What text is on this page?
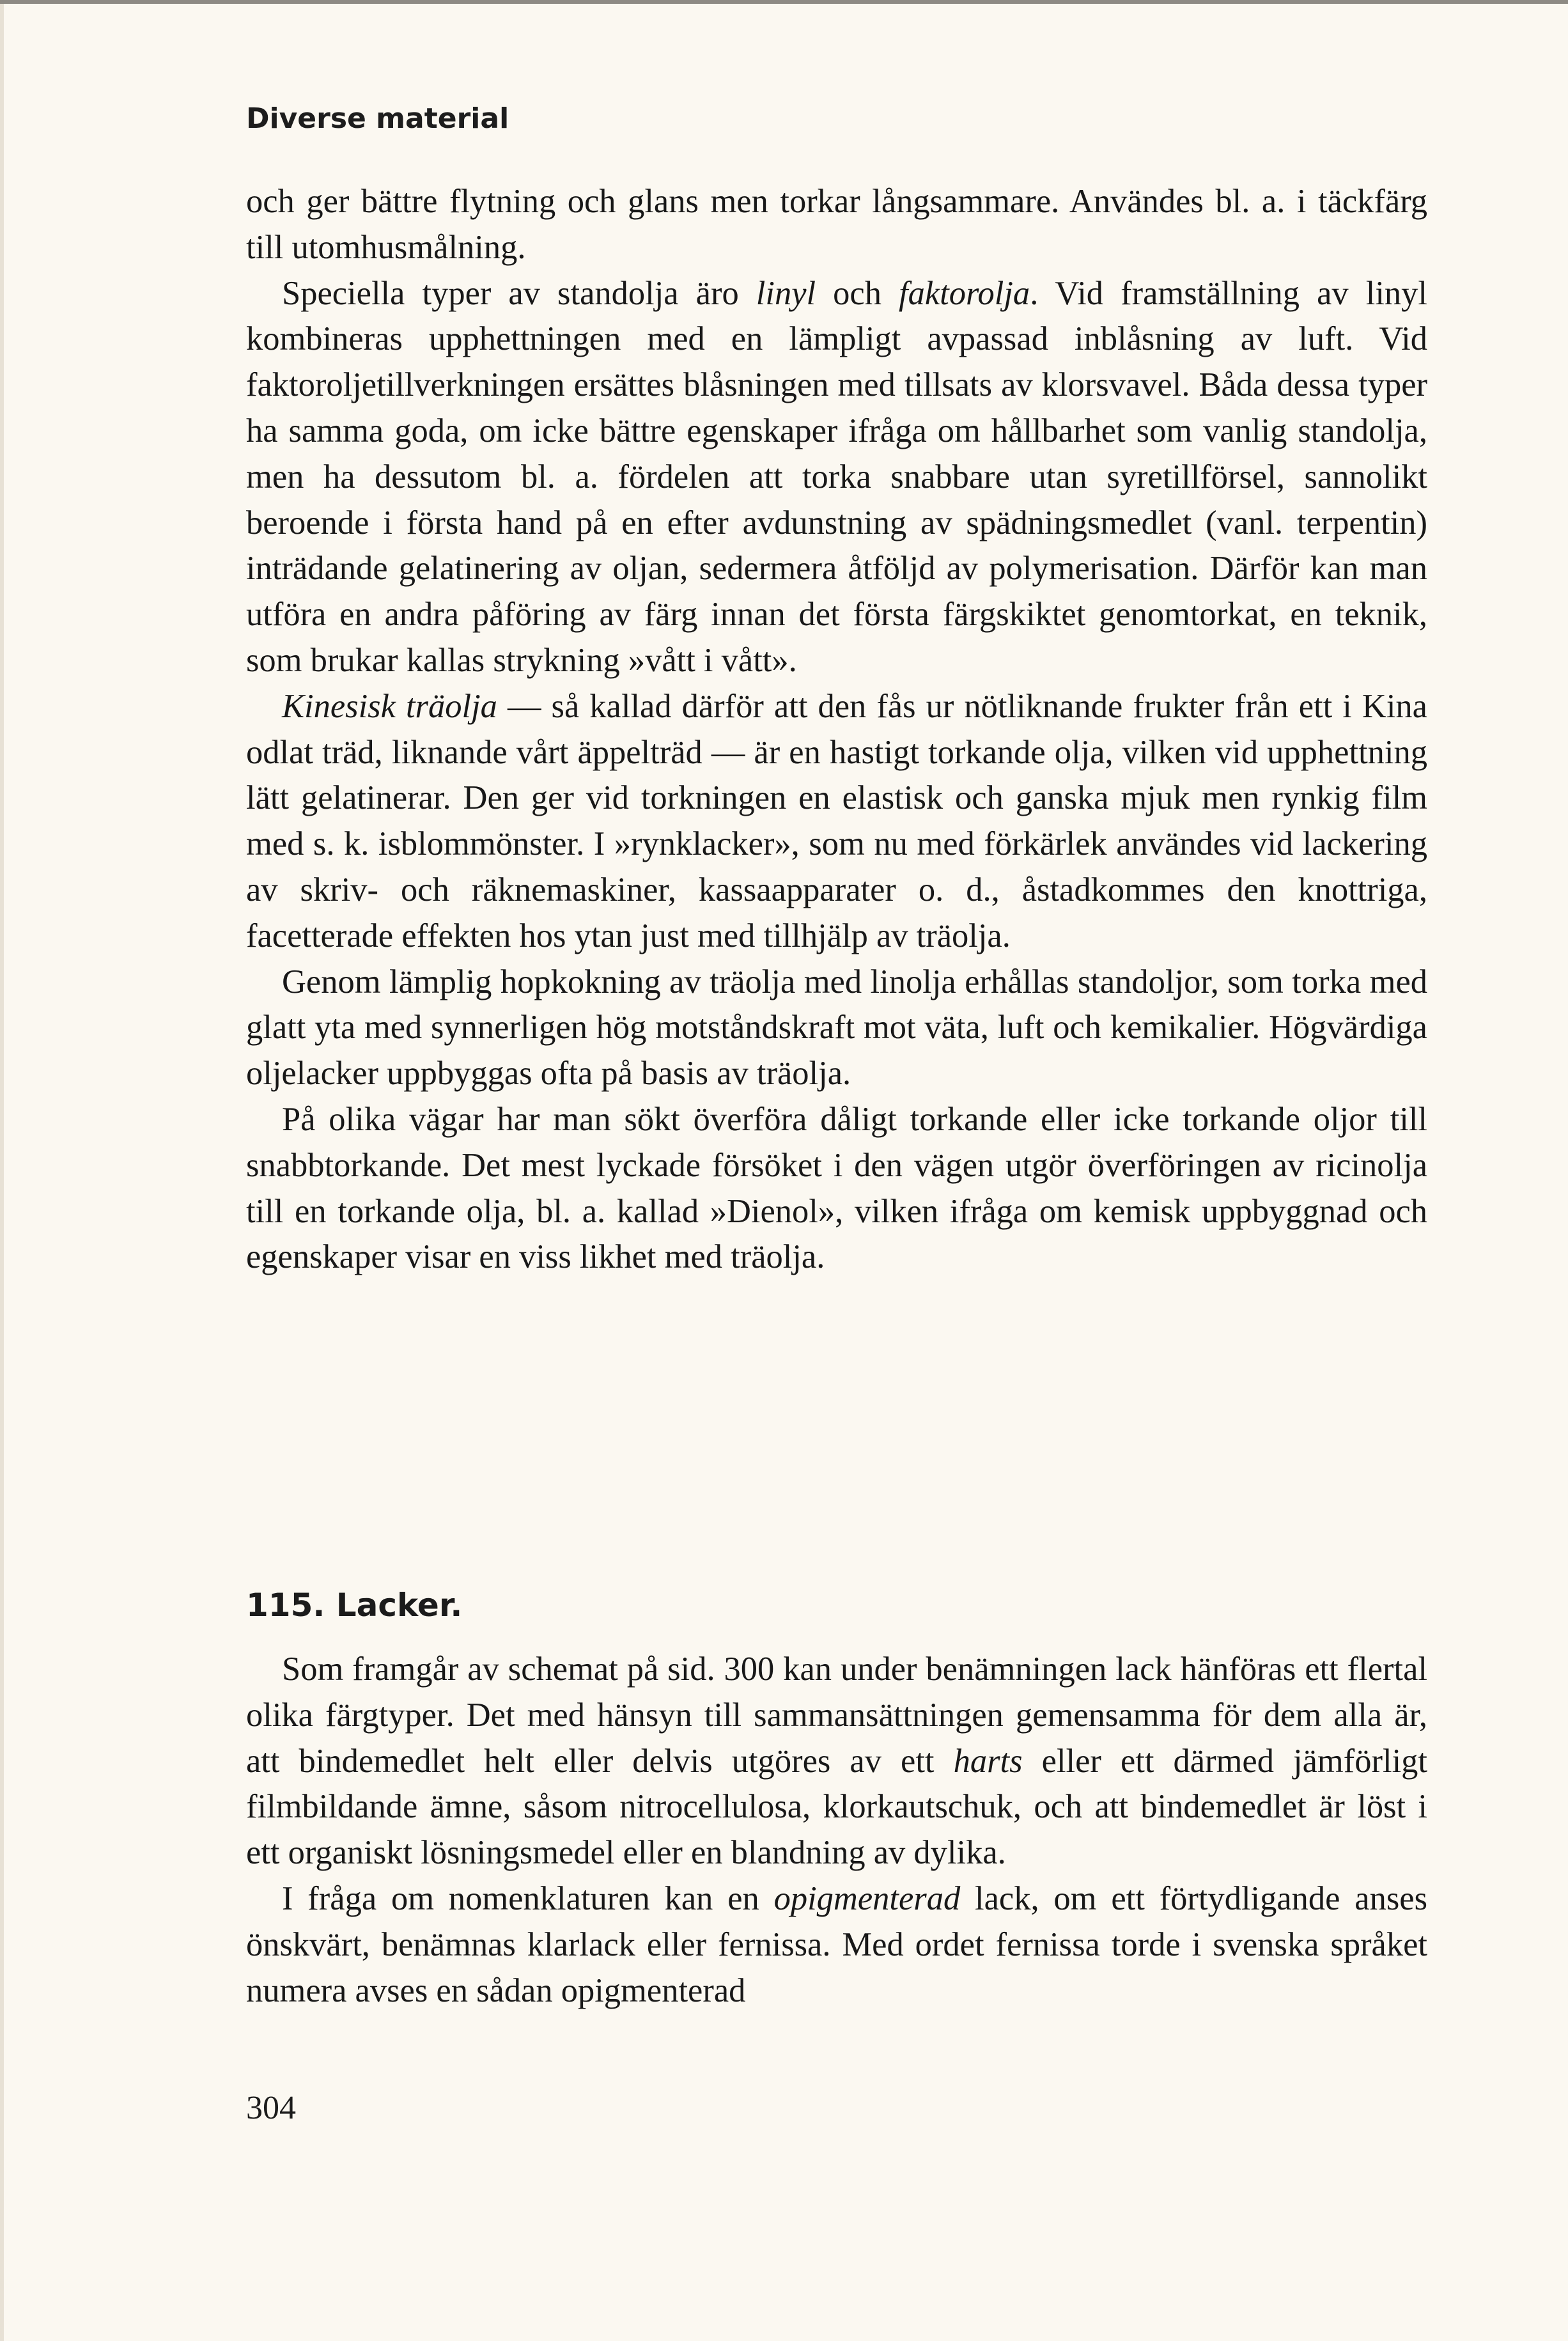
Diverse material

och ger bättre flytning och glans men torkar långsammare. Användes bl. a. i täckfärg till utomhusmålning.

Speciella typer av standolja äro linyl och faktorolja. Vid framställning av linyl kombineras upphettningen med en lämpligt avpassad inblåsning av luft. Vid faktoroljetillverkningen ersättes blåsningen med tillsats av klorsvavel. Båda dessa typer ha samma goda, om icke bättre egenskaper ifråga om hållbarhet som vanlig standolja, men ha dessutom bl. a. fördelen att torka snabbare utan syretillförsel, sannolikt beroende i första hand på en efter avdunstning av spädningsmedlet (vanl. terpentin) inträdande gelatinering av oljan, sedermera åtföljd av polymerisation. Därför kan man utföra en andra påföring av färg innan det första färgskiktet genomtorkat, en teknik, som brukar kallas strykning »vått i vått».

Kinesisk träolja — så kallad därför att den fås ur nötliknande frukter från ett i Kina odlat träd, liknande vårt äppelträd — är en hastigt torkande olja, vilken vid upphettning lätt gelatinerar. Den ger vid torkningen en elastisk och ganska mjuk men rynkig film med s. k. isblommönster. I »rynklacker», som nu med förkärlek användes vid lackering av skriv- och räknemaskiner, kassaapparater o. d., åstadkommes den knottriga, facetterade effekten hos ytan just med tillhjälp av träolja.

Genom lämplig hopkokning av träolja med linolja erhållas standoljor, som torka med glatt yta med synnerligen hög motståndskraft mot väta, luft och kemikalier. Högvärdiga oljelacker uppbyggas ofta på basis av träolja.

På olika vägar har man sökt överföra dåligt torkande eller icke torkande oljor till snabbtorkande. Det mest lyckade försöket i den vägen utgör överföringen av ricinolja till en torkande olja, bl. a. kallad »Dienol», vilken ifråga om kemisk uppbyggnad och egenskaper visar en viss likhet med träolja.

115. Lacker.

Som framgår av schemat på sid. 300 kan under benämningen lack hänföras ett flertal olika färgtyper. Det med hänsyn till sammansättningen gemensamma för dem alla är, att bindemedlet helt eller delvis utgöres av ett harts eller ett därmed jämförligt filmbildande ämne, såsom nitrocellulosa, klorkautschuk, och att bindemedlet är löst i ett organiskt lösningsmedel eller en blandning av dylika.

I fråga om nomenklaturen kan en opigmenterad lack, om ett förtydligande anses önskvärt, benämnas klarlack eller fernissa. Med ordet fernissa torde i svenska språket numera avses en sådan opigmenterad

304
